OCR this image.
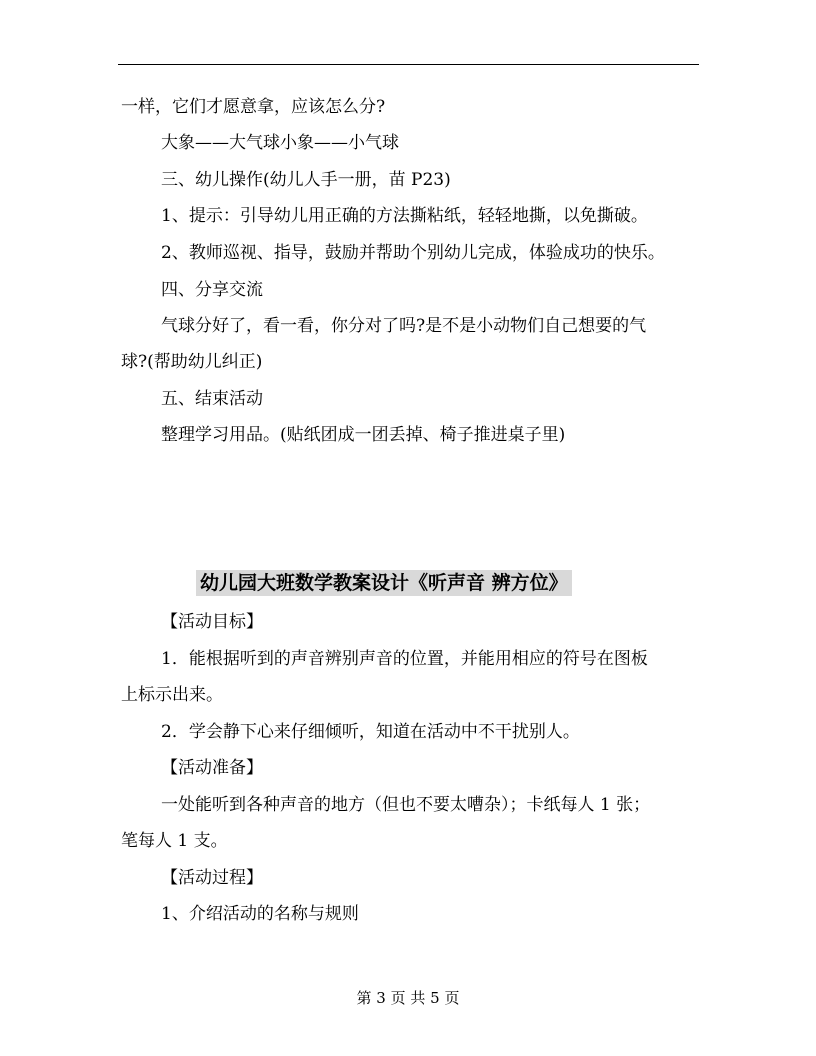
一样，它们才愿意拿，应该怎么分?
大象——大气球小象——小气球
三、幼儿操作(幼儿人手一册，苗 P23)
1、提示：引导幼儿用正确的方法撕粘纸，轻轻地撕，以免撕破。
2、教师巡视、指导，鼓励并帮助个别幼儿完成，体验成功的快乐。
四、分享交流
气球分好了，看一看，你分对了吗?是不是小动物们自己想要的气
球?(帮助幼儿纠正)
五、结束活动
整理学习用品。(贴纸团成一团丢掉、椅子推进桌子里)
幼儿园大班数学教案设计《听声音 辨方位》
【活动目标】
1．能根据听到的声音辨别声音的位置，并能用相应的符号在图板
上标示出来。
2．学会静下心来仔细倾听，知道在活动中不干扰别人。
【活动准备】
一处能听到各种声音的地方（但也不要太嘈杂）；卡纸每人 1 张；
笔每人 1 支。
【活动过程】
1、介绍活动的名称与规则
第 3 页 共 5 页
